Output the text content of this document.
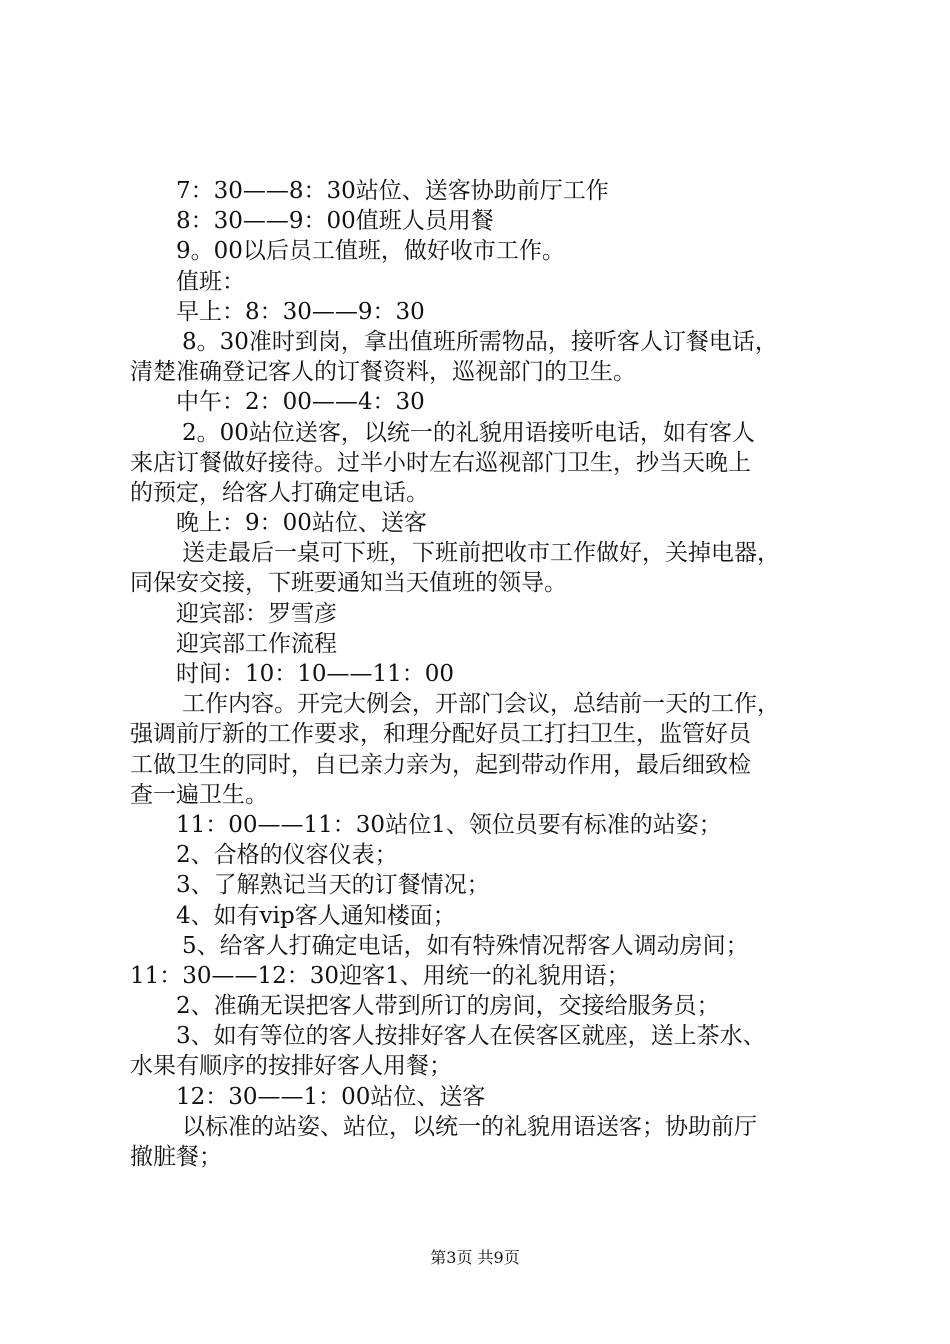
7：30——8：30站位、送客协助前厅工作
8：30——9：00值班人员用餐
9。00以后员工值班，做好收市工作。
值班：
早上：8：30——9：30
8。30准时到岗，拿出值班所需物品，接听客人订餐电话，
清楚准确登记客人的订餐资料，巡视部门的卫生。
中午：2：00——4：30
2。00站位送客，以统一的礼貌用语接听电话，如有客人
来店订餐做好接待。过半小时左右巡视部门卫生，抄当天晚上
的预定，给客人打确定电话。
晚上：9：00站位、送客
送走最后一桌可下班，下班前把收市工作做好，关掉电器，
同保安交接，下班要通知当天值班的领导。
迎宾部：罗雪彦
迎宾部工作流程
时间：10：10——11：00
工作内容。开完大例会，开部门会议，总结前一天的工作，
强调前厅新的工作要求，和理分配好员工打扫卫生，监管好员
工做卫生的同时，自已亲力亲为，起到带动作用，最后细致检
查一遍卫生。
11：00——11：30站位1、领位员要有标准的站姿；
2、合格的仪容仪表；
3、了解熟记当天的订餐情况；
4、如有vip客人通知楼面；
5、给客人打确定电话，如有特殊情况帮客人调动房间；
11：30——12：30迎客1、用统一的礼貌用语；
2、准确无误把客人带到所订的房间，交接给服务员；
3、如有等位的客人按排好客人在侯客区就座，送上茶水、
水果有顺序的按排好客人用餐；
12：30——1：00站位、送客
以标准的站姿、站位，以统一的礼貌用语送客；协助前厅
撤脏餐；
第3页 共9页
